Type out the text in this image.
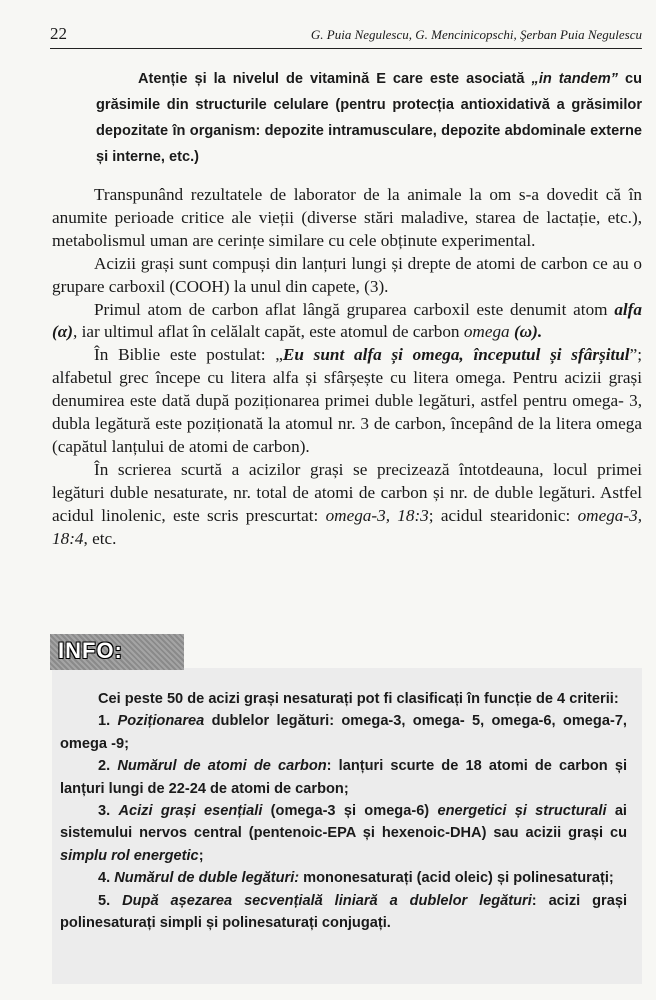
22	G. Puia Negulescu, G. Mencinicopschi, Şerban Puia Negulescu
Atenție și la nivelul de vitamină E care este asociată „in tandem” cu grăsimile din structurile celulare (pentru protecția antioxidativă a grăsimilor depozitate în organism: depozite intramusculare, depozite abdominale externe și interne, etc.)

Transpunând rezultatele de laborator de la animale la om s-a dovedit că în anumite perioade critice ale vieții (diverse stări maladive, starea de lactație, etc.), metabolismul uman are cerințe similare cu cele obținute experimental.

Acizii grași sunt compuși din lanțuri lungi și drepte de atomi de carbon ce au o grupare carboxil (COOH) la unul din capete, (3).

Primul atom de carbon aflat lângă gruparea carboxil este denumit atom alfa (α), iar ultimul aflat în celălalt capăt, este atomul de carbon omega (ω).

În Biblie este postulat: „Eu sunt alfa și omega, începutul și sfârșitul”; alfabetul grec începe cu litera alfa și sfârșește cu litera omega. Pentru acizii grași denumirea este dată după poziționarea primei duble legături, astfel pentru omega- 3, dubla legătură este poziționată la atomul nr. 3 de carbon, începând de la litera omega (capătul lanțului de atomi de carbon).

În scrierea scurtă a acizilor grași se precizează întotdeauna, locul primei legături duble nesaturate, nr. total de atomi de carbon și nr. de duble legături. Astfel acidul linolenic, este scris prescurtat: omega-3, 18:3; acidul stearidonic: omega-3, 18:4, etc.

INFO:

Cei peste 50 de acizi grași nesaturați pot fi clasificați în funcție de 4 criterii:

1. Poziționarea dublelor legături: omega-3, omega- 5, omega-6, omega-7, omega -9;

2. Numărul de atomi de carbon: lanțuri scurte de 18 atomi de carbon și lanțuri lungi de 22-24 de atomi de carbon;

3. Acizi grași esențiali (omega-3 și omega-6) energetici și structurali ai sistemului nervos central (pentenoic-EPA și hexenoic-DHA) sau acizii grași cu simplu rol energetic;

4. Numărul de duble legături: mononesaturați (acid oleic) și polinesaturați;

5. După așezarea secvențială liniară a dublelor legături: acizi grași polinesaturați simpli și polinesaturați conjugați.
